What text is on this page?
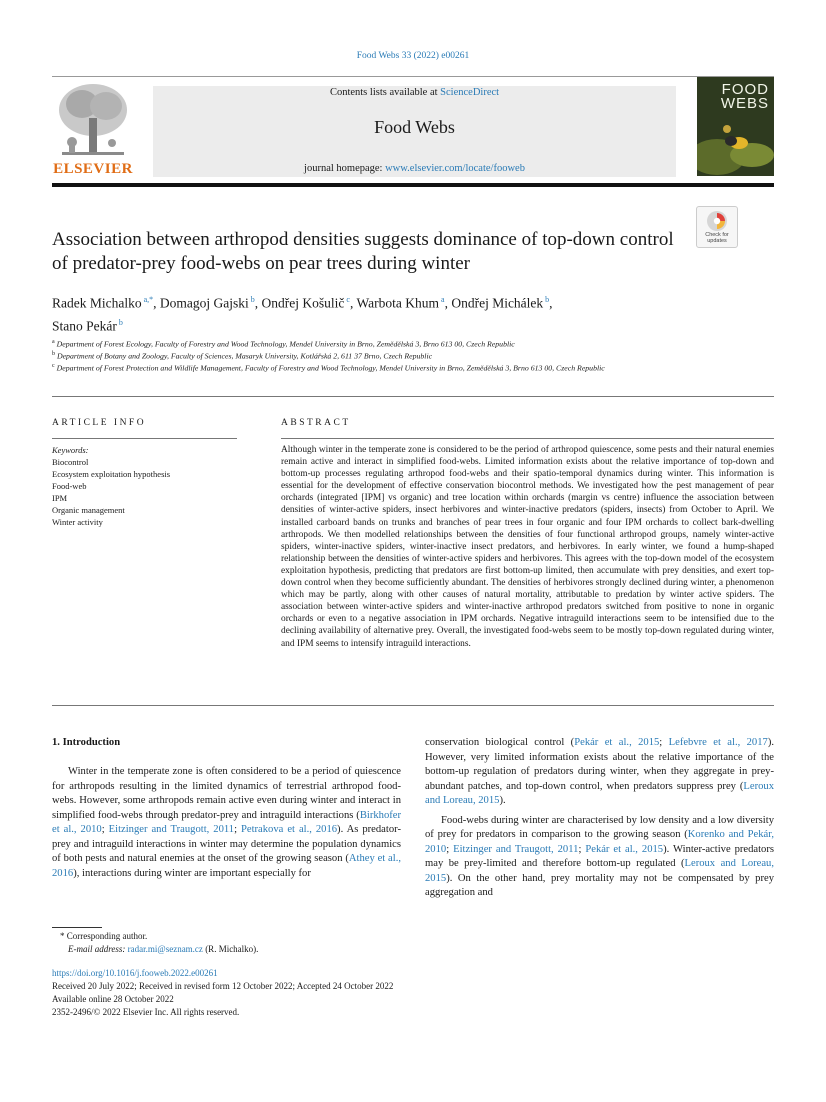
Food Webs 33 (2022) e00261
ELSEVIER
Contents lists available at ScienceDirect
Food Webs
journal homepage: www.elsevier.com/locate/fooweb
FOOD
WEBS
Check for updates
Association between arthropod densities suggests dominance of top-down control of predator-prey food-webs on pear trees during winter
Radek Michalko $^{a,*}$, Domagoj Gajski $^b$, Ondřej Košulič $^c$, Warbota Khum $^a$, Ondřej Michálek $^b$,
Stano Pekár $^b$
$^a$ Department of Forest Ecology, Faculty of Forestry and Wood Technology, Mendel University in Brno, Zemědělská 3, Brno 613 00, Czech Republic
$^b$ Department of Botany and Zoology, Faculty of Sciences, Masaryk University, Kotlářská 2, 611 37 Brno, Czech Republic
$^c$ Department of Forest Protection and Wildlife Management, Faculty of Forestry and Wood Technology, Mendel University in Brno, Zemědělská 3, Brno 613 00, Czech Republic
ARTICLE INFO
Keywords:
Biocontrol
Ecosystem exploitation hypothesis
Food-web
IPM
Organic management
Winter activity
ABSTRACT
Although winter in the temperate zone is considered to be the period of arthropod quiescence, some pests and their natural enemies remain active and interact in simplified food-webs. Limited information exists about the relative importance of top-down and bottom-up processes regulating arthropod food-webs and their spatio-temporal dynamics during winter. This information is essential for the development of effective conservation biocontrol methods. We investigated how the pest management of pear orchards (integrated [IPM] vs organic) and tree location within orchards (margin vs centre) influence the association between densities of winter-active spiders, insect herbivores and winter-inactive predators (spiders, insects) from October to April. We installed carboard bands on trunks and branches of pear trees in four organic and four IPM orchards to collect bark-dwelling arthropods. We then modelled relationships between the densities of four functional arthropod groups, namely winter-active spiders, winter-inactive spiders, winter-inactive insect predators, and herbivores. In early winter, we found a hump-shaped relationship between the densities of winter-active spiders and herbivores. This agrees with the top-down model of the ecosystem exploitation hypothesis, predicting that predators are first bottom-up limited, then accumulate with prey densities, and exert top-down control when they become sufficiently abundant. The densities of herbivores strongly declined during winter, a phenomenon which may be partly, along with other causes of natural mortality, attributable to predation by winter active spiders. The association between winter-active spiders and winter-inactive arthropod predators switched from positive to none in organic orchards or even to a negative association in IPM orchards. Negative intraguild interactions seem to be intensified due to the declining availability of alternative prey. Overall, the investigated food-webs seem to be mostly top-down regulated during winter, and IPM seems to intensify intraguild interactions.
1. Introduction

Winter in the temperate zone is often considered to be a period of quiescence for arthropods resulting in the limited dynamics of terrestrial arthropod food-webs. However, some arthropods remain active even during winter and interact in simplified food-webs through predator-prey and intraguild interactions (Birkhofer et al., 2010; Eitzinger and Traugott, 2011; Petrakova et al., 2016). As predator-prey and intraguild interactions in winter may determine the population dynamics of both pests and natural enemies at the onset of the growing season (Athey et al., 2016), interactions during winter are important especially for

conservation biological control (Pekár et al., 2015; Lefebvre et al., 2017). However, very limited information exists about the relative importance of the bottom-up regulation of predators during winter, when they aggregate in prey-abundant patches, and top-down control, when predators suppress prey (Leroux and Loreau, 2015).

Food-webs during winter are characterised by low density and a low diversity of prey for predators in comparison to the growing season (Korenko and Pekár, 2010; Eitzinger and Traugott, 2011; Pekár et al., 2015). Winter-active predators may be prey-limited and therefore bottom-up regulated (Leroux and Loreau, 2015). On the other hand, prey mortality may not be compensated by prey aggregation and

* Corresponding author.
E-mail address: radar.mi@seznam.cz (R. Michalko).
https://doi.org/10.1016/j.fooweb.2022.e00261
Received 20 July 2022; Received in revised form 12 October 2022; Accepted 24 October 2022
Available online 28 October 2022
2352-2496/© 2022 Elsevier Inc. All rights reserved.
